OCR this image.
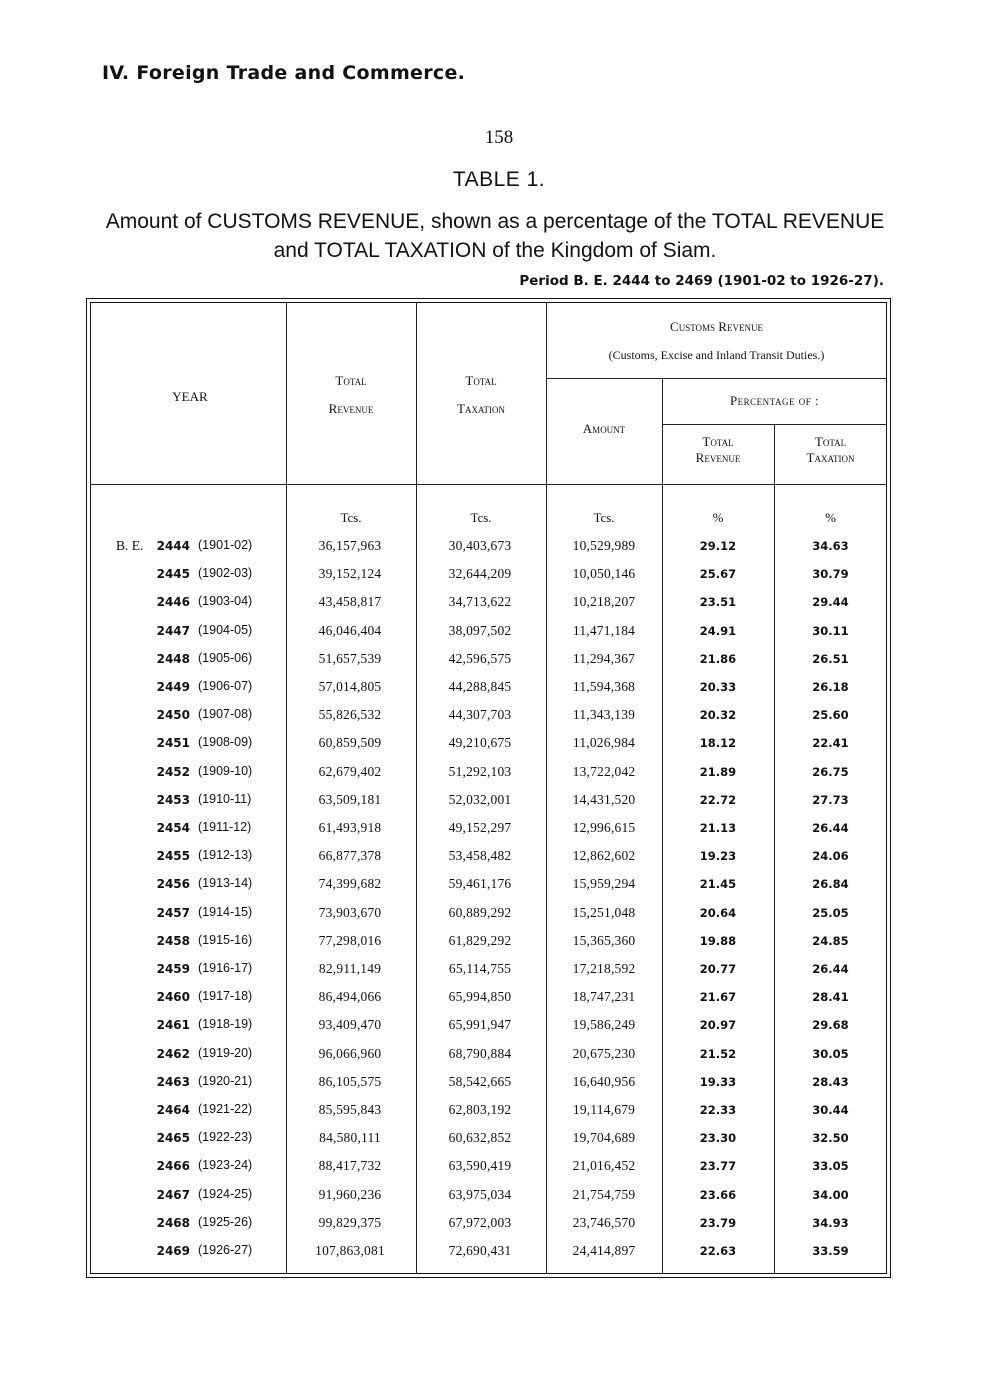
IV. Foreign Trade and Commerce.
158
TABLE 1.
Amount of CUSTOMS REVENUE, shown as a percentage of the TOTAL REVENUE
and TOTAL TAXATION of the Kingdom of Siam.
Period B. E. 2444 to 2469 (1901-02 to 1926-27).
YEAR
Total
Revenue
Total
Taxation
Customs Revenue
(Customs, Excise and Inland Transit Duties.)
Amount
Percentage of :
Total
Revenue
Total
Taxation
Tcs.	Tcs.	Tcs.	%	%
B. E.	2444 (1901-02)	36,157,963	30,403,673	10,529,989	29.12	34.63
2445 (1902-03)	39,152,124	32,644,209	10,050,146	25.67	30.79
2446 (1903-04)	43,458,817	34,713,622	10,218,207	23.51	29.44
2447 (1904-05)	46,046,404	38,097,502	11,471,184	24.91	30.11
2448 (1905-06)	51,657,539	42,596,575	11,294,367	21.86	26.51
2449 (1906-07)	57,014,805	44,288,845	11,594,368	20.33	26.18
2450 (1907-08)	55,826,532	44,307,703	11,343,139	20.32	25.60
2451 (1908-09)	60,859,509	49,210,675	11,026,984	18.12	22.41
2452 (1909-10)	62,679,402	51,292,103	13,722,042	21.89	26.75
2453 (1910-11)	63,509,181	52,032,001	14,431,520	22.72	27.73
2454 (1911-12)	61,493,918	49,152,297	12,996,615	21.13	26.44
2455 (1912-13)	66,877,378	53,458,482	12,862,602	19.23	24.06
2456 (1913-14)	74,399,682	59,461,176	15,959,294	21.45	26.84
2457 (1914-15)	73,903,670	60,889,292	15,251,048	20.64	25.05
2458 (1915-16)	77,298,016	61,829,292	15,365,360	19.88	24.85
2459 (1916-17)	82,911,149	65,114,755	17,218,592	20.77	26.44
2460 (1917-18)	86,494,066	65,994,850	18,747,231	21.67	28.41
2461 (1918-19)	93,409,470	65,991,947	19,586,249	20.97	29.68
2462 (1919-20)	96,066,960	68,790,884	20,675,230	21.52	30.05
2463 (1920-21)	86,105,575	58,542,665	16,640,956	19.33	28.43
2464 (1921-22)	85,595,843	62,803,192	19,114,679	22.33	30.44
2465 (1922-23)	84,580,111	60,632,852	19,704,689	23.30	32.50
2466 (1923-24)	88,417,732	63,590,419	21,016,452	23.77	33.05
2467 (1924-25)	91,960,236	63,975,034	21,754,759	23.66	34.00
2468 (1925-26)	99,829,375	67,972,003	23,746,570	23.79	34.93
2469 (1926-27)	107,863,081	72,690,431	24,414,897	22.63	33.59
